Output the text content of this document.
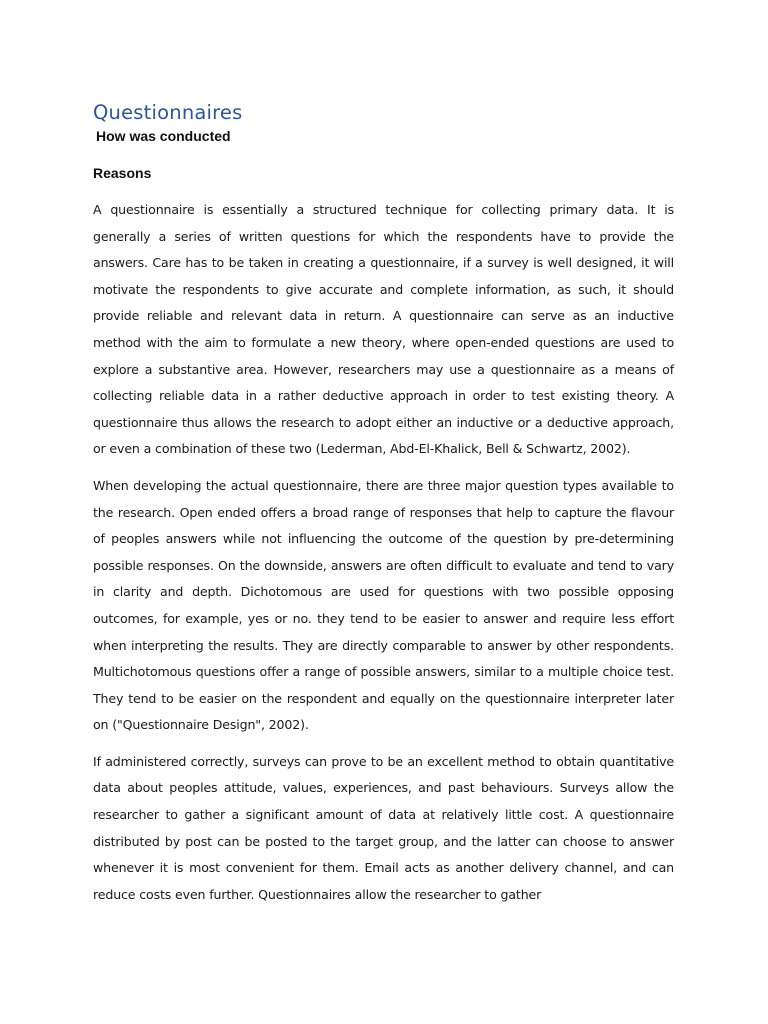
Questionnaires
How was conducted
Reasons

A questionnaire is essentially a structured technique for collecting primary data. It is generally a series of written questions for which the respondents have to provide the answers. Care has to be taken in creating a questionnaire, if a survey is well designed, it will motivate the respondents to give accurate and complete information, as such, it should provide reliable and relevant data in return. A questionnaire can serve as an inductive method with the aim to formulate a new theory, where open-ended questions are used to explore a substantive area. However, researchers may use a questionnaire as a means of collecting reliable data in a rather deductive approach in order to test existing theory. A questionnaire thus allows the research to adopt either an inductive or a deductive approach, or even a combination of these two (Lederman, Abd-El-Khalick, Bell & Schwartz, 2002).

When developing the actual questionnaire, there are three major question types available to the research. Open ended offers a broad range of responses that help to capture the flavour of peoples answers while not influencing the outcome of the question by pre-determining possible responses. On the downside, answers are often difficult to evaluate and tend to vary in clarity and depth. Dichotomous are used for questions with two possible opposing outcomes, for example, yes or no. they tend to be easier to answer and require less effort when interpreting the results. They are directly comparable to answer by other respondents. Multichotomous questions offer a range of possible answers, similar to a multiple choice test. They tend to be easier on the respondent and equally on the questionnaire interpreter later on ("Questionnaire Design", 2002).

If administered correctly, surveys can prove to be an excellent method to obtain quantitative data about peoples attitude, values, experiences, and past behaviours. Surveys allow the researcher to gather a significant amount of data at relatively little cost. A questionnaire distributed by post can be posted to the target group, and the latter can choose to answer whenever it is most convenient for them. Email acts as another delivery channel, and can reduce costs even further. Questionnaires allow the researcher to gather
